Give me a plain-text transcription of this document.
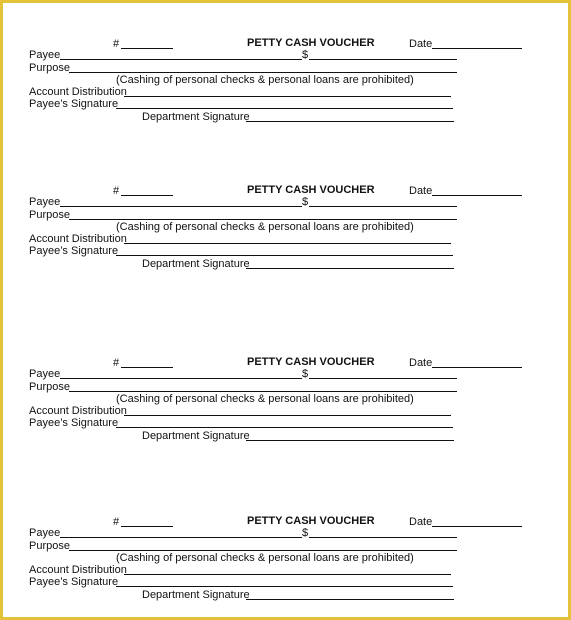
#	PETTY CASH VOUCHER	Date
Payee	$
Purpose
(Cashing of personal checks & personal loans are prohibited)
Account Distribution
Payee’s Signature
Department Signature
#	PETTY CASH VOUCHER	Date
Payee	$
Purpose
(Cashing of personal checks & personal loans are prohibited)
Account Distribution
Payee’s Signature
Department Signature
#	PETTY CASH VOUCHER	Date
Payee	$
Purpose
(Cashing of personal checks & personal loans are prohibited)
Account Distribution
Payee’s Signature
Department Signature
#	PETTY CASH VOUCHER	Date
Payee	$
Purpose
(Cashing of personal checks & personal loans are prohibited)
Account Distribution
Payee’s Signature
Department Signature
